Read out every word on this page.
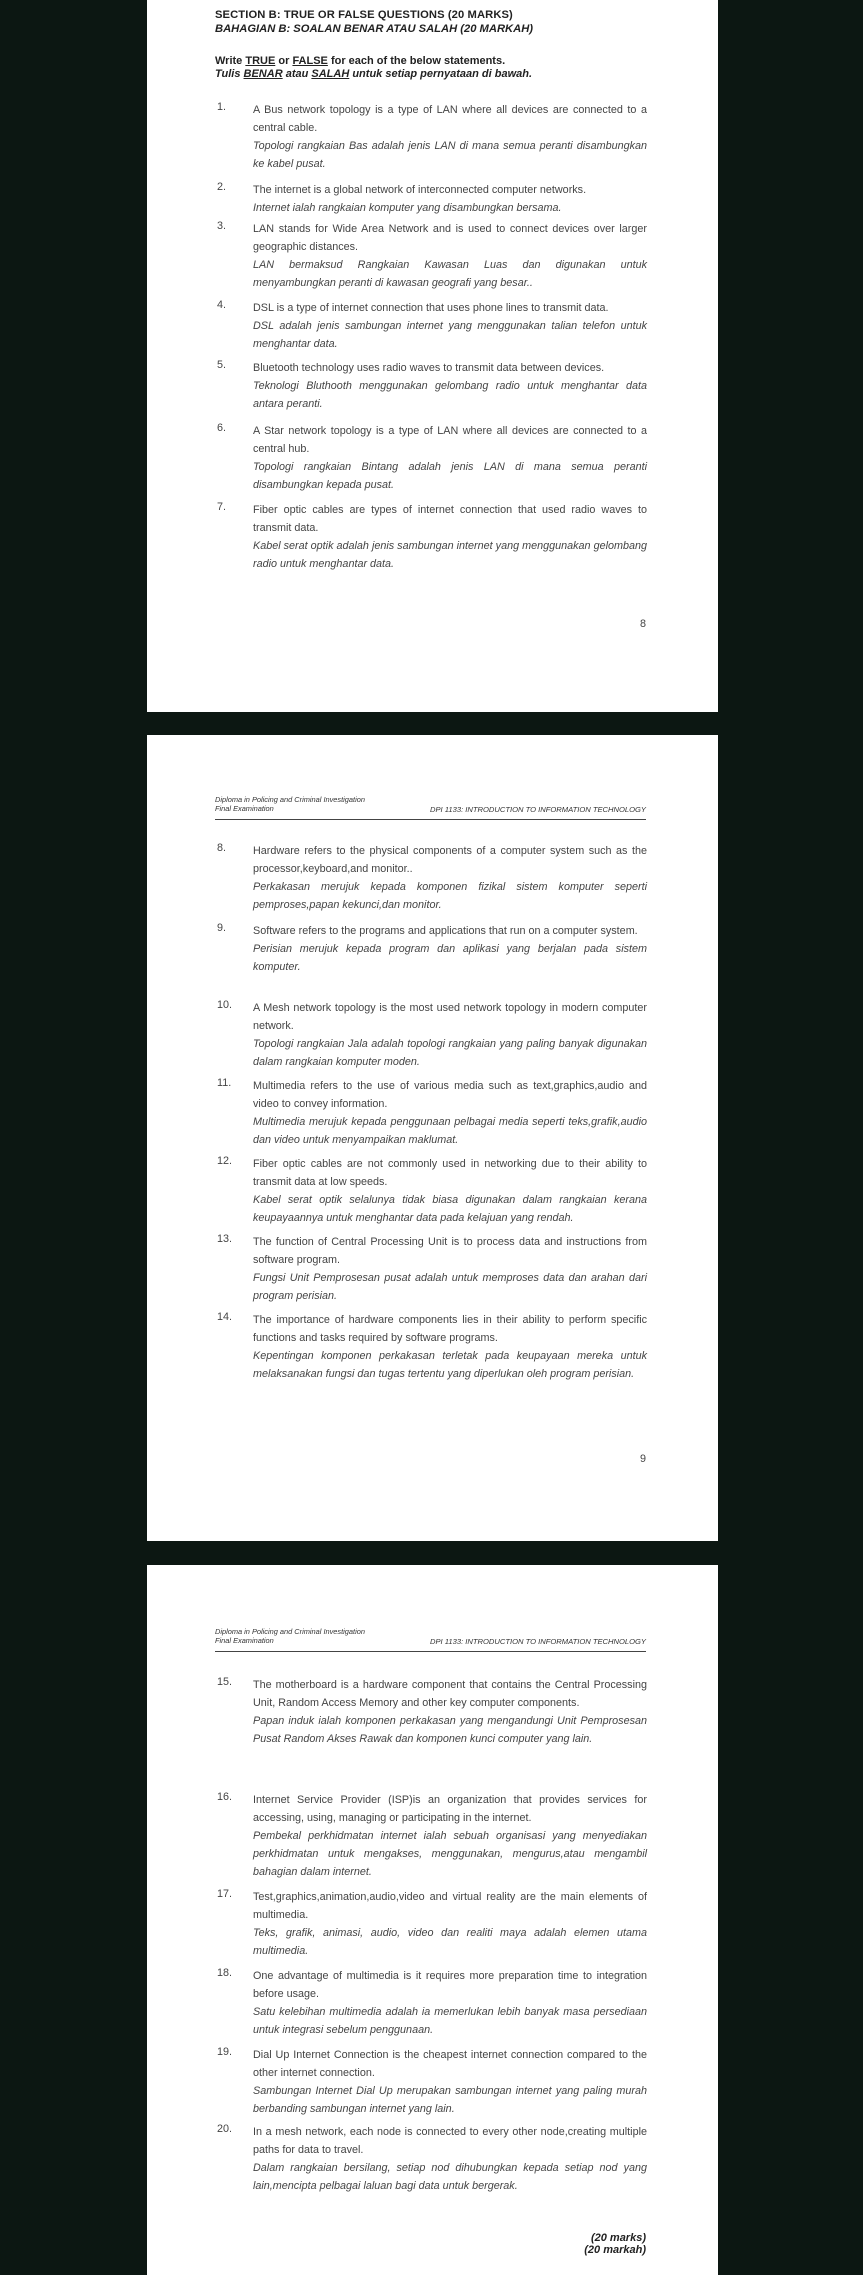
SECTION B: TRUE OR FALSE QUESTIONS (20 MARKS)
BAHAGIAN B: SOALAN BENAR ATAU SALAH (20 MARKAH)
Write TRUE or FALSE for each of the below statements.
Tulis BENAR atau SALAH untuk setiap pernyataan di bawah.
1. A Bus network topology is a type of LAN where all devices are connected to a central cable.
Topologi rangkaian Bas adalah jenis LAN di mana semua peranti disambungkan ke kabel pusat.
2. The internet is a global network of interconnected computer networks.
Internet ialah rangkaian komputer yang disambungkan bersama.
3. LAN stands for Wide Area Network and is used to connect devices over larger geographic distances.
LAN bermaksud Rangkaian Kawasan Luas dan digunakan untuk menyambungkan peranti di kawasan geografi yang besar..
4. DSL is a type of internet connection that uses phone lines to transmit data.
DSL adalah jenis sambungan internet yang menggunakan talian telefon untuk menghantar data.
5. Bluetooth technology uses radio waves to transmit data between devices.
Teknologi Bluthooth menggunakan gelombang radio untuk menghantar data antara peranti.
6. A Star network topology is a type of LAN where all devices are connected to a central hub.
Topologi rangkaian Bintang adalah jenis LAN di mana semua peranti disambungkan kepada pusat.
7. Fiber optic cables are types of internet connection that used radio waves to transmit data.
Kabel serat optik adalah jenis sambungan internet yang menggunakan gelombang radio untuk menghantar data.
8
Diploma in Policing and Criminal Investigation
Final Examination	DPI 1133: INTRODUCTION TO INFORMATION TECHNOLOGY
8. Hardware refers to the physical components of a computer system such as the processor,keyboard,and monitor..
Perkakasan merujuk kepada komponen fizikal sistem komputer seperti pemproses,papan kekunci,dan monitor.
9. Software refers to the programs and applications that run on a computer system.
Perisian merujuk kepada program dan aplikasi yang berjalan pada sistem komputer.
10. A Mesh network topology is the most used network topology in modern computer network.
Topologi rangkaian Jala adalah topologi rangkaian yang paling banyak digunakan dalam rangkaian komputer moden.
11. Multimedia refers to the use of various media such as text,graphics,audio and video to convey information.
Multimedia merujuk kepada penggunaan pelbagai media seperti teks,grafik,audio dan video untuk menyampaikan maklumat.
12. Fiber optic cables are not commonly used in networking due to their ability to transmit data at low speeds.
Kabel serat optik selalunya tidak biasa digunakan dalam rangkaian kerana keupayaannya untuk menghantar data pada kelajuan yang rendah.
13. The function of Central Processing Unit is to process data and instructions from software program.
Fungsi Unit Pemprosesan pusat adalah untuk memproses data dan arahan dari program perisian.
14. The importance of hardware components lies in their ability to perform specific functions and tasks required by software programs.
Kepentingan komponen perkakasan terletak pada keupayaan mereka untuk melaksanakan fungsi dan tugas tertentu yang diperlukan oleh program perisian.
9
Diploma in Policing and Criminal Investigation
Final Examination	DPI 1133: INTRODUCTION TO INFORMATION TECHNOLOGY
15. The motherboard is a hardware component that contains the Central Processing Unit, Random Access Memory and other key computer components.
Papan induk ialah komponen perkakasan yang mengandungi Unit Pemprosesan Pusat Random Akses Rawak dan komponen kunci computer yang lain.
16. Internet Service Provider (ISP)is an organization that provides services for accessing, using, managing or participating in the internet.
Pembekal perkhidmatan internet ialah sebuah organisasi yang menyediakan perkhidmatan untuk mengakses, menggunakan, mengurus,atau mengambil bahagian dalam internet.
17. Test,graphics,animation,audio,video and virtual reality are the main elements of multimedia.
Teks, grafik, animasi, audio, video dan realiti maya adalah elemen utama multimedia.
18. One advantage of multimedia is it requires more preparation time to integration before usage.
Satu kelebihan multimedia adalah ia memerlukan lebih banyak masa persediaan untuk integrasi sebelum penggunaan.
19. Dial Up Internet Connection is the cheapest internet connection compared to the other internet connection.
Sambungan Internet Dial Up merupakan sambungan internet yang paling murah berbanding sambungan internet yang lain.
20. In a mesh network, each node is connected to every other node,creating multiple paths for data to travel.
Dalam rangkaian bersilang, setiap nod dihubungkan kepada setiap nod yang lain,mencipta pelbagai laluan bagi data untuk bergerak.
(20 marks)
(20 markah)
